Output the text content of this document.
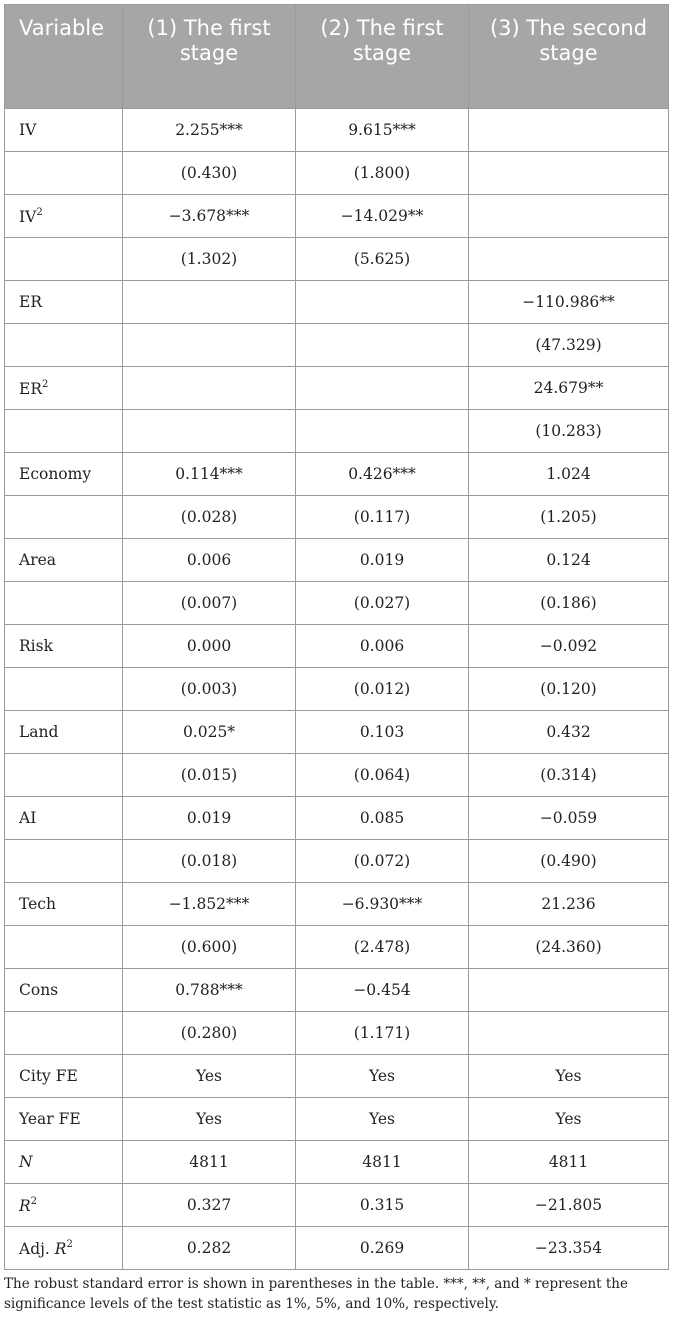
Variable	(1) The first stage	(2) The first stage	(3) The second stage
IV	2.255***	9.615***	
	(0.430)	(1.800)	
$IV^2$	−3.678***	−14.029**	
	(1.302)	(5.625)	
ER			−110.986**
			(47.329)
$ER^2$			24.679**
			(10.283)
Economy	0.114***	0.426***	1.024
	(0.028)	(0.117)	(1.205)
Area	0.006	0.019	0.124
	(0.007)	(0.027)	(0.186)
Risk	0.000	0.006	−0.092
	(0.003)	(0.012)	(0.120)
Land	0.025*	0.103	0.432
	(0.015)	(0.064)	(0.314)
AI	0.019	0.085	−0.059
	(0.018)	(0.072)	(0.490)
Tech	−1.852***	−6.930***	21.236
	(0.600)	(2.478)	(24.360)
Cons	0.788***	−0.454	
	(0.280)	(1.171)	
City FE	Yes	Yes	Yes
Year FE	Yes	Yes	Yes
N	4811	4811	4811
$R^2$	0.327	0.315	−21.805
Adj. $R^2$	0.282	0.269	−23.354
The robust standard error is shown in parentheses in the table. ***, **, and * represent the significance levels of the test statistic as 1%, 5%, and 10%, respectively.
